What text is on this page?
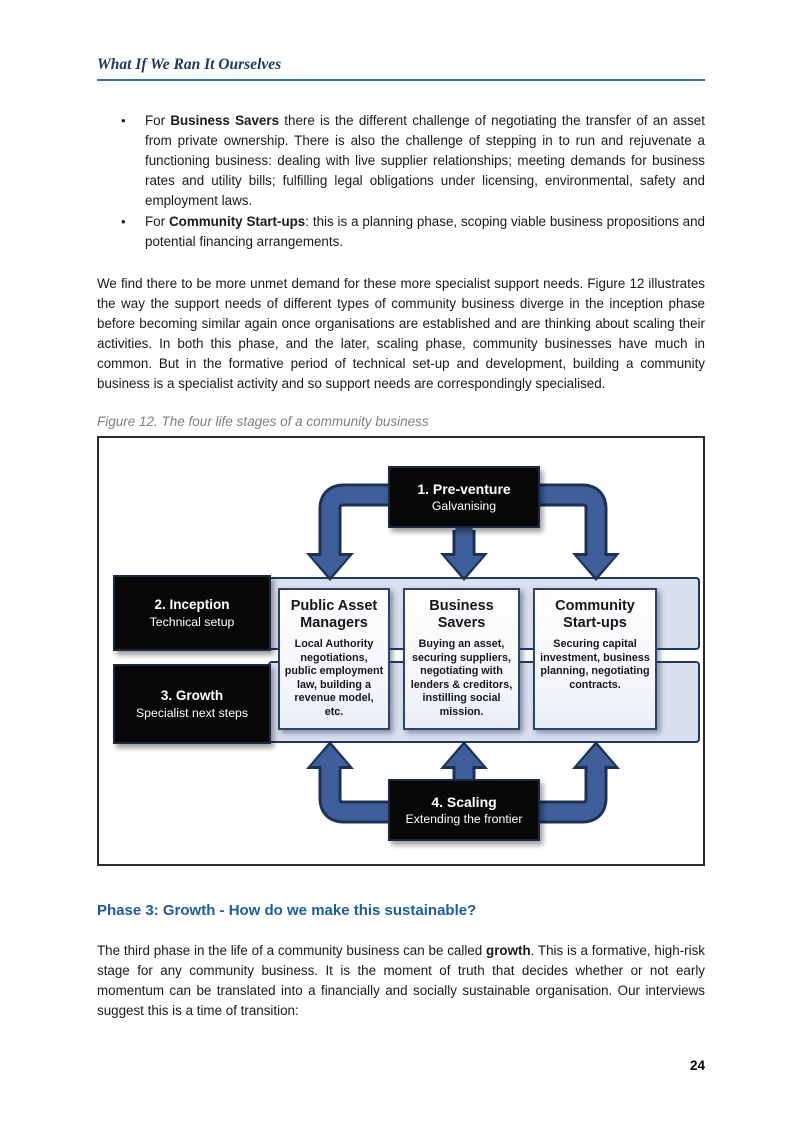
What If We Ran It Ourselves
•	For Business Savers there is the different challenge of negotiating the transfer of an asset from private ownership. There is also the challenge of stepping in to run and rejuvenate a functioning business: dealing with live supplier relationships; meeting demands for business rates and utility bills; fulfilling legal obligations under licensing, environmental, safety and employment laws.
•	For Community Start-ups: this is a planning phase, scoping viable business propositions and potential financing arrangements.
We find there to be more unmet demand for these more specialist support needs. Figure 12 illustrates the way the support needs of different types of community business diverge in the inception phase before becoming similar again once organisations are established and are thinking about scaling their activities. In both this phase, and the later, scaling phase, community businesses have much in common. But in the formative period of technical set-up and development, building a community business is a specialist activity and so support needs are correspondingly specialised.
Figure 12. The four life stages of a community business
1. Pre-venture
Galvanising
2. Inception
Technical setup
3. Growth
Specialist next steps
4. Scaling
Extending the frontier
Public Asset Managers
Local Authority negotiations, public employment law, building a revenue model, etc.
Business Savers
Buying an asset, securing suppliers, negotiating with lenders & creditors, instilling social mission.
Community Start-ups
Securing capital investment, business planning, negotiating contracts.
Phase 3: Growth - How do we make this sustainable?
The third phase in the life of a community business can be called growth. This is a formative, high-risk stage for any community business. It is the moment of truth that decides whether or not early momentum can be translated into a financially and socially sustainable organisation. Our interviews suggest this is a time of transition:
24
